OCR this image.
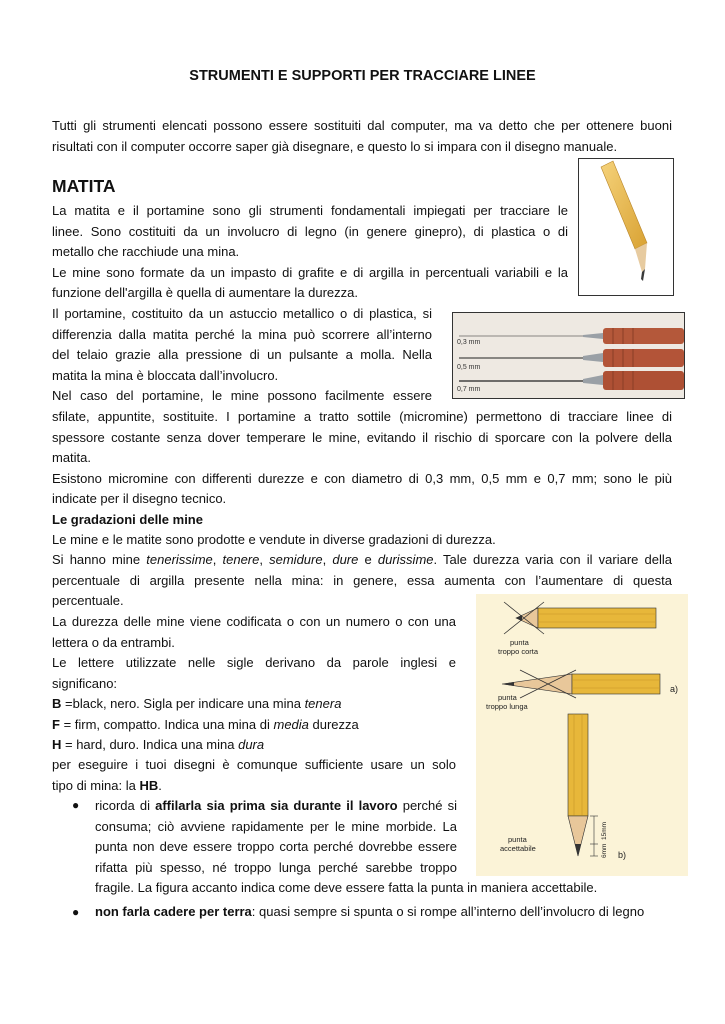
STRUMENTI E SUPPORTI PER TRACCIARE LINEE
Tutti gli strumenti elencati possono essere sostituiti dal computer, ma va detto che per ottenere buoni
risultati con il computer occorre saper già disegnare, e questo lo si impara con il disegno manuale.
MATITA
La matita e il portamine sono gli strumenti fondamentali impiegati per tracciare le
linee. Sono costituiti da un involucro di legno (in genere ginepro), di plastica o di
metallo che racchiude una mina.
Le mine sono formate da un impasto di grafite e di argilla in percentuali variabili e la
funzione dell'argilla è quella di aumentare la durezza.
0,3 mm
0,5 mm
0,7 mm
Il portamine, costituito da un astuccio metallico o di plastica, si
differenzia dalla matita perché la mina può scorrere all’interno
del telaio grazie alla pressione di un pulsante a molla. Nella
matita la mina è bloccata dall’involucro.
Nel caso del portamine, le mine possono facilmente essere
sfilate, appuntite, sostituite. I portamine a tratto sottile (micromine) permettono di tracciare linee di
spessore costante senza dover temperare le mine, evitando il rischio di sporcare con la polvere della
matita.
Esistono micromine con differenti durezze e con diametro di 0,3 mm, 0,5 mm e 0,7 mm; sono le più
indicate per il disegno tecnico.
Le gradazioni delle mine
Le mine e le matite sono prodotte e vendute in diverse gradazioni di durezza.
Si hanno mine tenerissime, tenere, semidure, dure e durissime. Tale durezza varia con il variare della
percentuale di argilla presente nella mina: in genere, essa aumenta con l’aumentare di questa
percentuale.
punta
troppo corta
punta
troppo lunga
a)
15mm
6mm
punta
accettabile
b)
La durezza delle mine viene codificata o con un numero o con una
lettera o da entrambi.
Le lettere utilizzate nelle sigle derivano da parole inglesi e
significano:
B =black, nero. Sigla per indicare una mina tenera
F = firm, compatto. Indica una mina di media durezza
H = hard, duro. Indica una mina dura
per eseguire i tuoi disegni è comunque sufficiente usare un solo
tipo di mina: la HB.
● ricorda di affilarla sia prima sia durante il lavoro perché si
consuma; ciò avviene rapidamente per le mine morbide. La
punta non deve essere troppo corta perché dovrebbe essere
rifatta più spesso, né troppo lunga perché sarebbe troppo
fragile. La figura accanto indica come deve essere fatta la punta in maniera accettabile.
● non farla cadere per terra: quasi sempre si spunta o si rompe all’interno dell’involucro di legno
